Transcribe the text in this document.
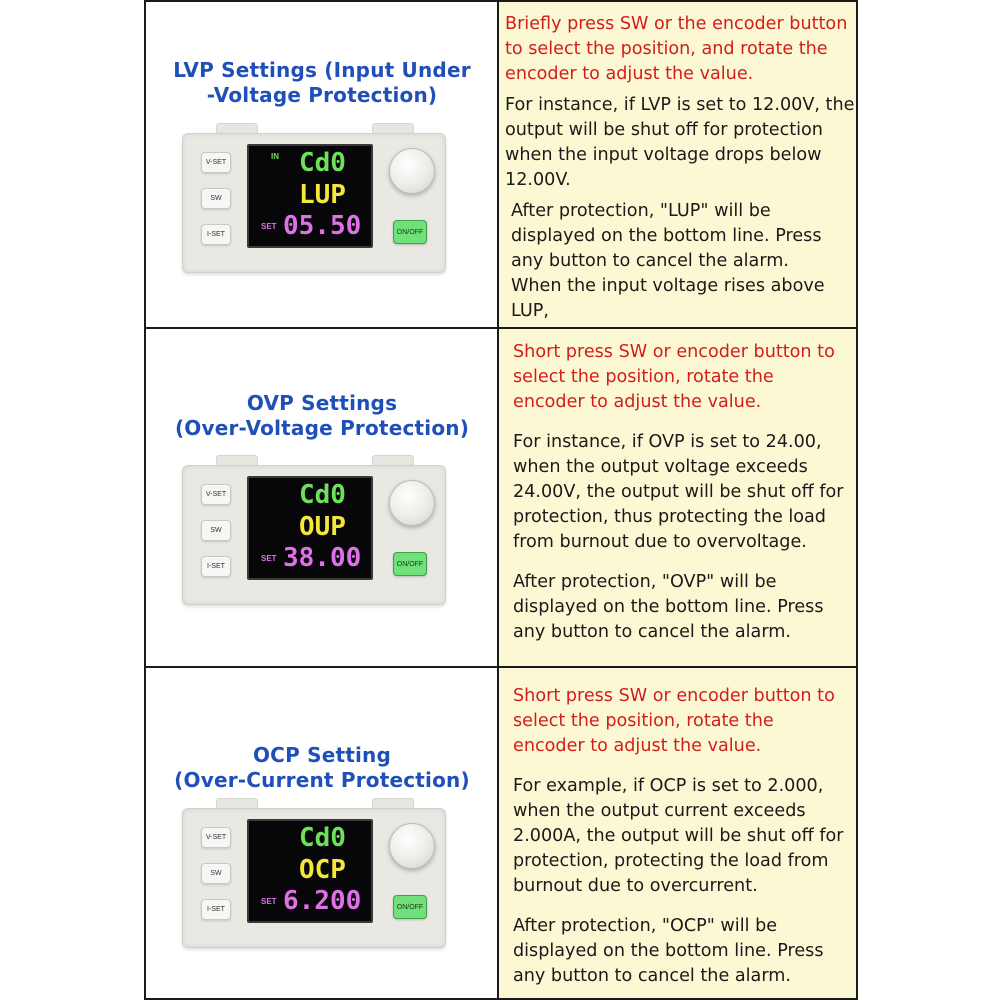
LVP Settings (Input Under
-Voltage Protection)
V-SET
SW
I-SET
IN Cd0
LUP
SET 05.50	ON/OFF

Briefly press SW or the encoder button
to select the position, and rotate the
encoder to adjust the value.

For instance, if LVP is set to 12.00V, the
output will be shut off for protection
when the input voltage drops below
12.00V.

After protection, "LUP" will be
displayed on the bottom line. Press
any button to cancel the alarm.
When the input voltage rises above LUP,

OVP Settings
(Over-Voltage Protection)
V-SET
SW
I-SET
Cd0
OUP
SET 38.00	ON/OFF

Short press SW or encoder button to
select the position, rotate the
encoder to adjust the value.

For instance, if OVP is set to 24.00,
when the output voltage exceeds
24.00V, the output will be shut off for
protection, thus protecting the load
from burnout due to overvoltage.

After protection, "OVP" will be
displayed on the bottom line. Press
any button to cancel the alarm.

OCP Setting
(Over-Current Protection)
V-SET
SW
I-SET
Cd0
OCP
SET 6.200	ON/OFF

Short press SW or encoder button to
select the position, rotate the
encoder to adjust the value.

For example, if OCP is set to 2.000,
when the output current exceeds
2.000A, the output will be shut off for
protection, protecting the load from
burnout due to overcurrent.

After protection, "OCP" will be
displayed on the bottom line. Press
any button to cancel the alarm.
